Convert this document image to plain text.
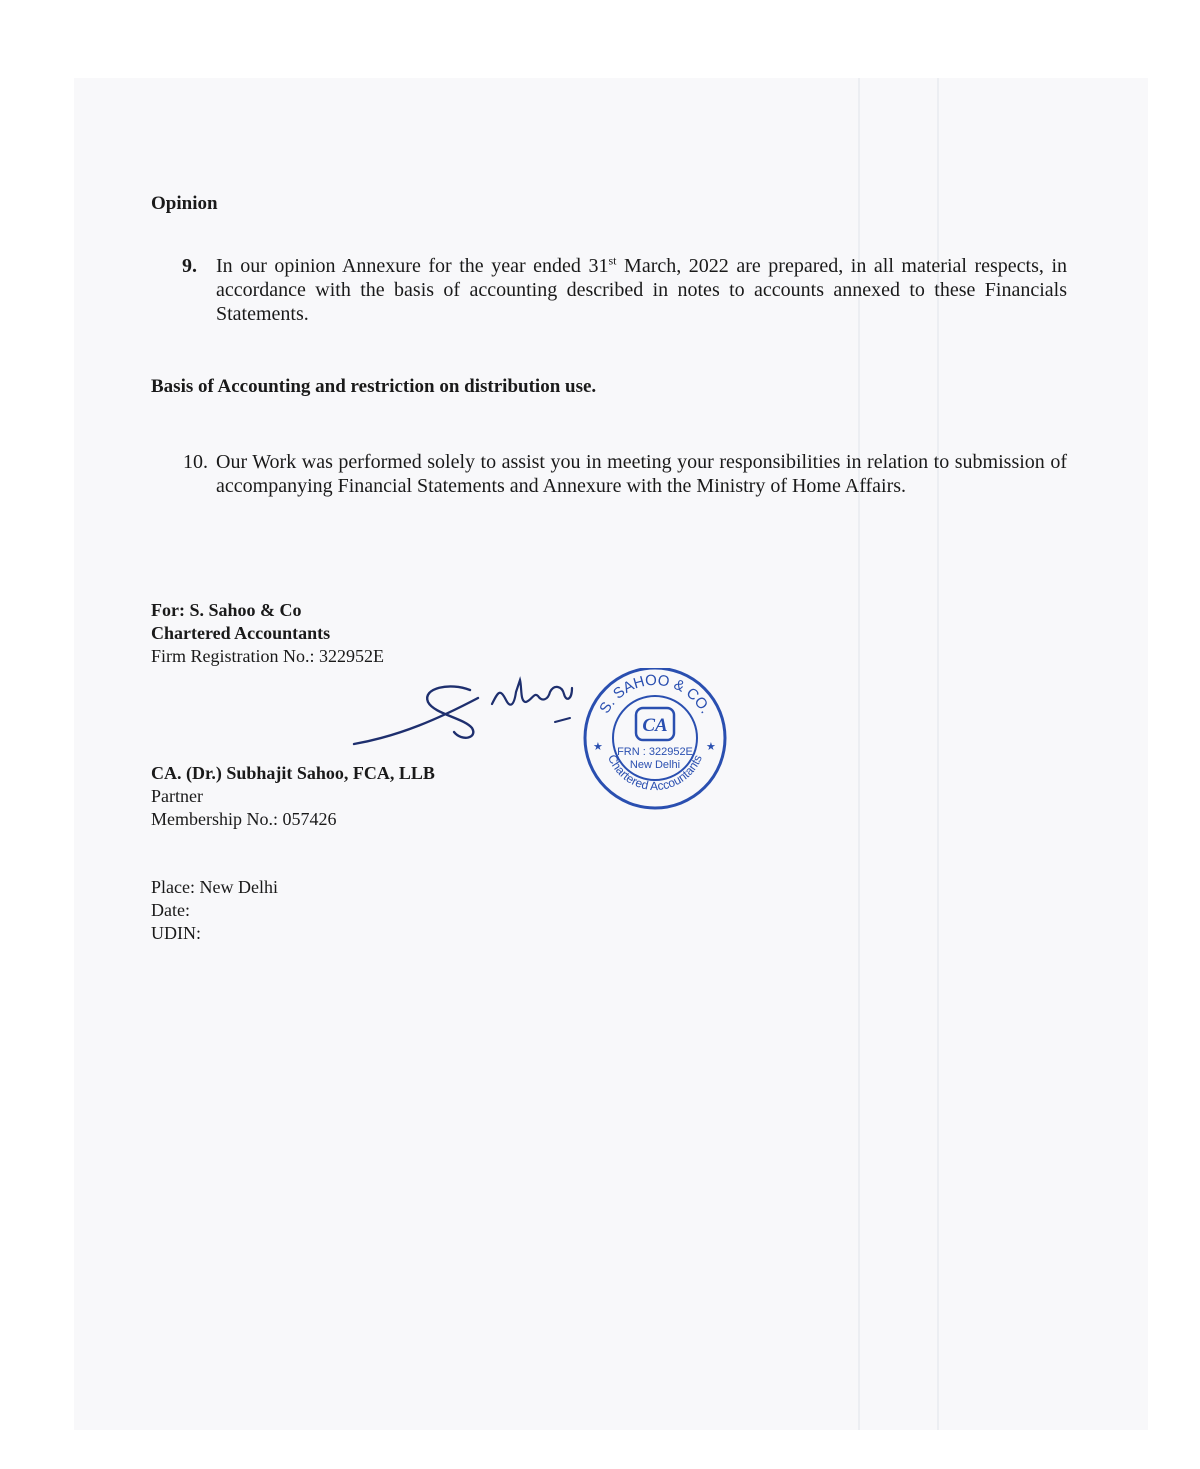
Opinion
9. In our opinion Annexure for the year ended 31st March, 2022 are prepared, in all material respects, in accordance with the basis of accounting described in notes to accounts annexed to these Financials Statements.

Basis of Accounting and restriction on distribution use.
10. Our Work was performed solely to assist you in meeting your responsibilities in relation to submission of accompanying Financial Statements and Annexure with the Ministry of Home Affairs.

For: S. Sahoo & Co

Chartered Accountants

Firm Registration No.: 322952E

S. SAHOO & CO.
Chartered Accountants
★	★
CA
FRN : 322952E
New Delhi

CA. (Dr.) Subhajit Sahoo, FCA, LLB

Partner

Membership No.: 057426

Place: New Delhi

Date:

UDIN:
